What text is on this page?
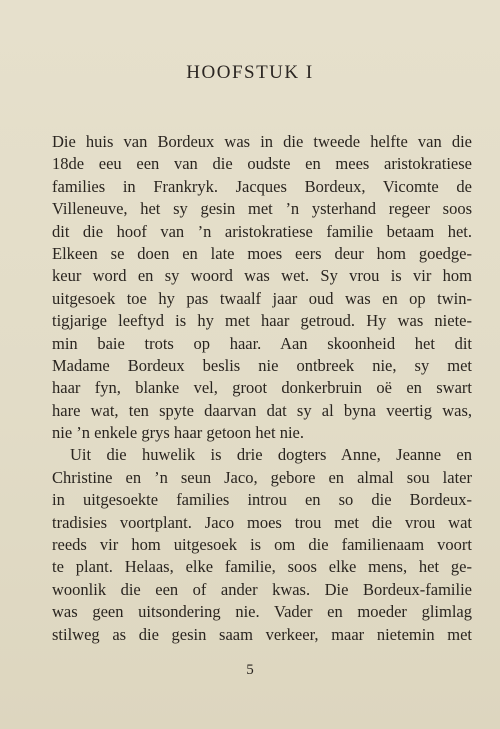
HOOFSTUK I
Die huis van Bordeux was in die tweede helfte van die
18de eeu een van die oudste en mees aristokratiese
families in Frankryk. Jacques Bordeux, Vicomte de
Villeneuve, het sy gesin met ’n ysterhand regeer soos
dit die hoof van ’n aristokratiese familie betaam het.
Elkeen se doen en late moes eers deur hom goedge-
keur word en sy woord was wet. Sy vrou is vir hom
uitgesoek toe hy pas twaalf jaar oud was en op twin-
tigjarige leeftyd is hy met haar getroud. Hy was niete-
min baie trots op haar. Aan skoonheid het dit
Madame Bordeux beslis nie ontbreek nie, sy met
haar fyn, blanke vel, groot donkerbruin oë en swart
hare wat, ten spyte daarvan dat sy al byna veertig was,
nie ’n enkele grys haar getoon het nie.
Uit die huwelik is drie dogters Anne, Jeanne en
Christine en ’n seun Jaco, gebore en almal sou later
in uitgesoekte families introu en so die Bordeux-
tradisies voortplant. Jaco moes trou met die vrou wat
reeds vir hom uitgesoek is om die familienaam voort
te plant. Helaas, elke familie, soos elke mens, het ge-
woonlik die een of ander kwas. Die Bordeux-familie
was geen uitsondering nie. Vader en moeder glimlag
stilweg as die gesin saam verkeer, maar nietemin met
5
